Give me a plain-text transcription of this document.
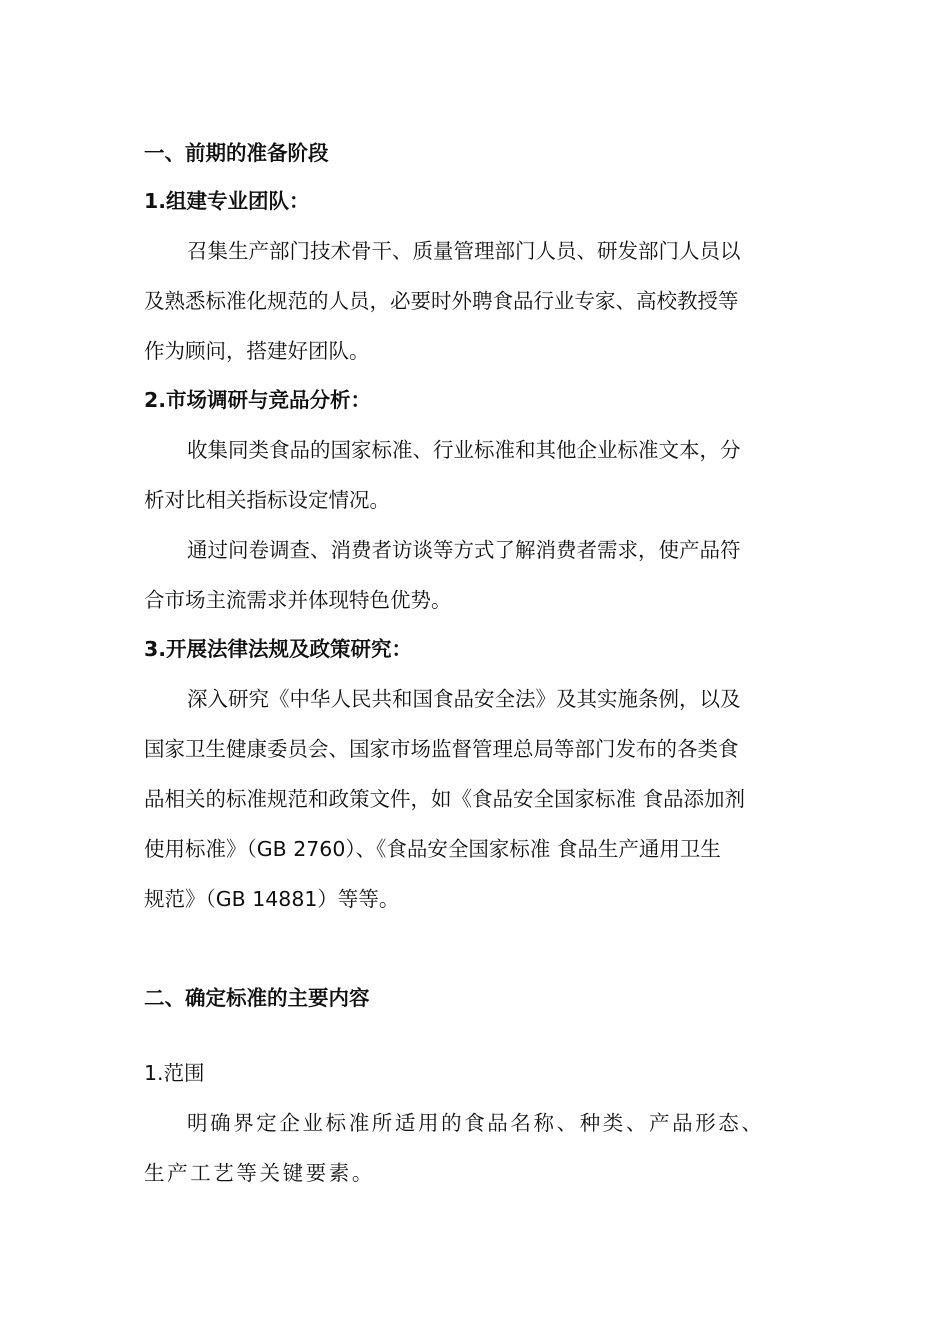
一、前期的准备阶段

1.组建专业团队：

召集生产部门技术骨干、质量管理部门人员、研发部门人员以

及熟悉标准化规范的人员，必要时外聘食品行业专家、高校教授等

作为顾问，搭建好团队。

2.市场调研与竞品分析：

收集同类食品的国家标准、行业标准和其他企业标准文本，分

析对比相关指标设定情况。

通过问卷调查、消费者访谈等方式了解消费者需求，使产品符

合市场主流需求并体现特色优势。

3.开展法律法规及政策研究：

深入研究《中华人民共和国食品安全法》及其实施条例，以及

国家卫生健康委员会、国家市场监督管理总局等部门发布的各类食

品相关的标准规范和政策文件，如《食品安全国家标准 食品添加剂

使用标准》（GB 2760）、《食品安全国家标准 食品生产通用卫生

规范》（GB 14881）等等。

二、确定标准的主要内容

1.范围

明确界定企业标准所适用的食品名称、种类、产品形态、

生产工艺等关键要素。
